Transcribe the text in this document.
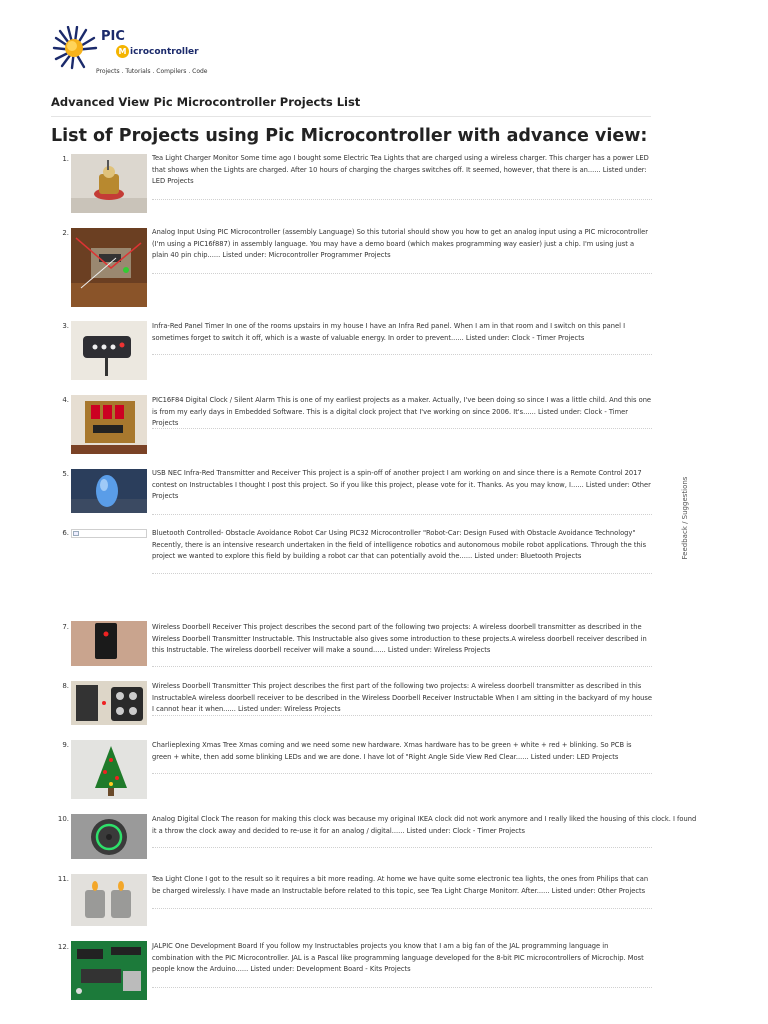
PIC
M icrocontroller
Projects . Tutorials . Compilers . Code
Advanced View Pic Microcontroller Projects List
List of Projects using Pic Microcontroller with advance view:
Feedback / Suggestions
1.	Tea Light Charger Monitor Some time ago I bought some Electric Tea Lights that are charged using a wireless charger. This charger has a power LED that shows when the Lights are charged. After 10 hours of charging the charges switches off. It seemed, however, that there is an...... Listed under: LED Projects
2.	Analog Input Using PIC Microcontroller (assembly Language) So this tutorial should show you how to get an analog input using a PIC microcontroller (I'm using a PIC16f887) in assembly language. You may have a demo board (which makes programming way easier) just a chip. I'm using just a plain 40 pin chip...... Listed under: Microcontroller Programmer Projects
3.	Infra-Red Panel Timer In one of the rooms upstairs in my house I have an Infra Red panel. When I am in that room and I switch on this panel I sometimes forget to switch it off, which is a waste of valuable energy. In order to prevent...... Listed under: Clock - Timer Projects
4.	PIC16F84 Digital Clock / Silent Alarm This is one of my earliest projects as a maker. Actually, I've been doing so since I was a little child. And this one is from my early days in Embedded Software. This is a digital clock project that I've working on since 2006. It's...... Listed under: Clock - Timer Projects
5.	USB NEC Infra-Red Transmitter and Receiver This project is a spin-off of another project I am working on and since there is a Remote Control 2017 contest on Instructables I thought I post this project. So if you like this project, please vote for it. Thanks. As you may know, I...... Listed under: Other Projects
6.	Bluetooth Controlled- Obstacle Avoidance Robot Car Using PIC32 Microcontroller "Robot-Car: Design Fused with Obstacle Avoidance Technology" Recently, there is an intensive research undertaken in the field of intelligence robotics and autonomous mobile robot applications. Through the this project we wanted to explore this field by building a robot car that can potentially avoid the...... Listed under: Bluetooth Projects
7.	Wireless Doorbell Receiver This project describes the second part of the following two projects: A wireless doorbell transmitter as described in the Wireless Doorbell Transmitter Instructable. This Instructable also gives some introduction to these projects.A wireless doorbell receiver described in this Instructable. The wireless doorbell receiver will make a sound...... Listed under: Wireless Projects
8.	Wireless Doorbell Transmitter This project describes the first part of the following two projects: A wireless doorbell transmitter as described in this InstructableA wireless doorbell receiver to be described in the Wireless Doorbell Receiver Instructable When I am sitting in the backyard of my house I cannot hear it when...... Listed under: Wireless Projects
9.	Charlieplexing Xmas Tree Xmas coming and we need some new hardware. Xmas hardware has to be green + white + red + blinking. So PCB is green + white, then add some blinking LEDs and we are done. I have lot of "Right Angle Side View Red Clear...... Listed under: LED Projects
10.	Analog Digital Clock The reason for making this clock was because my original IKEA clock did not work anymore and I really liked the housing of this clock. I found it a throw the clock away and decided to re-use it for an analog / digital...... Listed under: Clock - Timer Projects
11.	Tea Light Clone I got to the result so it requires a bit more reading. At home we have quite some electronic tea lights, the ones from Philips that can be charged wirelessly. I have made an Instructable before related to this topic, see Tea Light Charge Monitorr. After...... Listed under: Other Projects
12.	JALPIC One Development Board If you follow my Instructables projects you know that I am a big fan of the JAL programming language in combination with the PIC Microcontroller. JAL is a Pascal like programming language developed for the 8-bit PIC microcontrollers of Microchip. Most people know the Arduino...... Listed under: Development Board - Kits Projects
